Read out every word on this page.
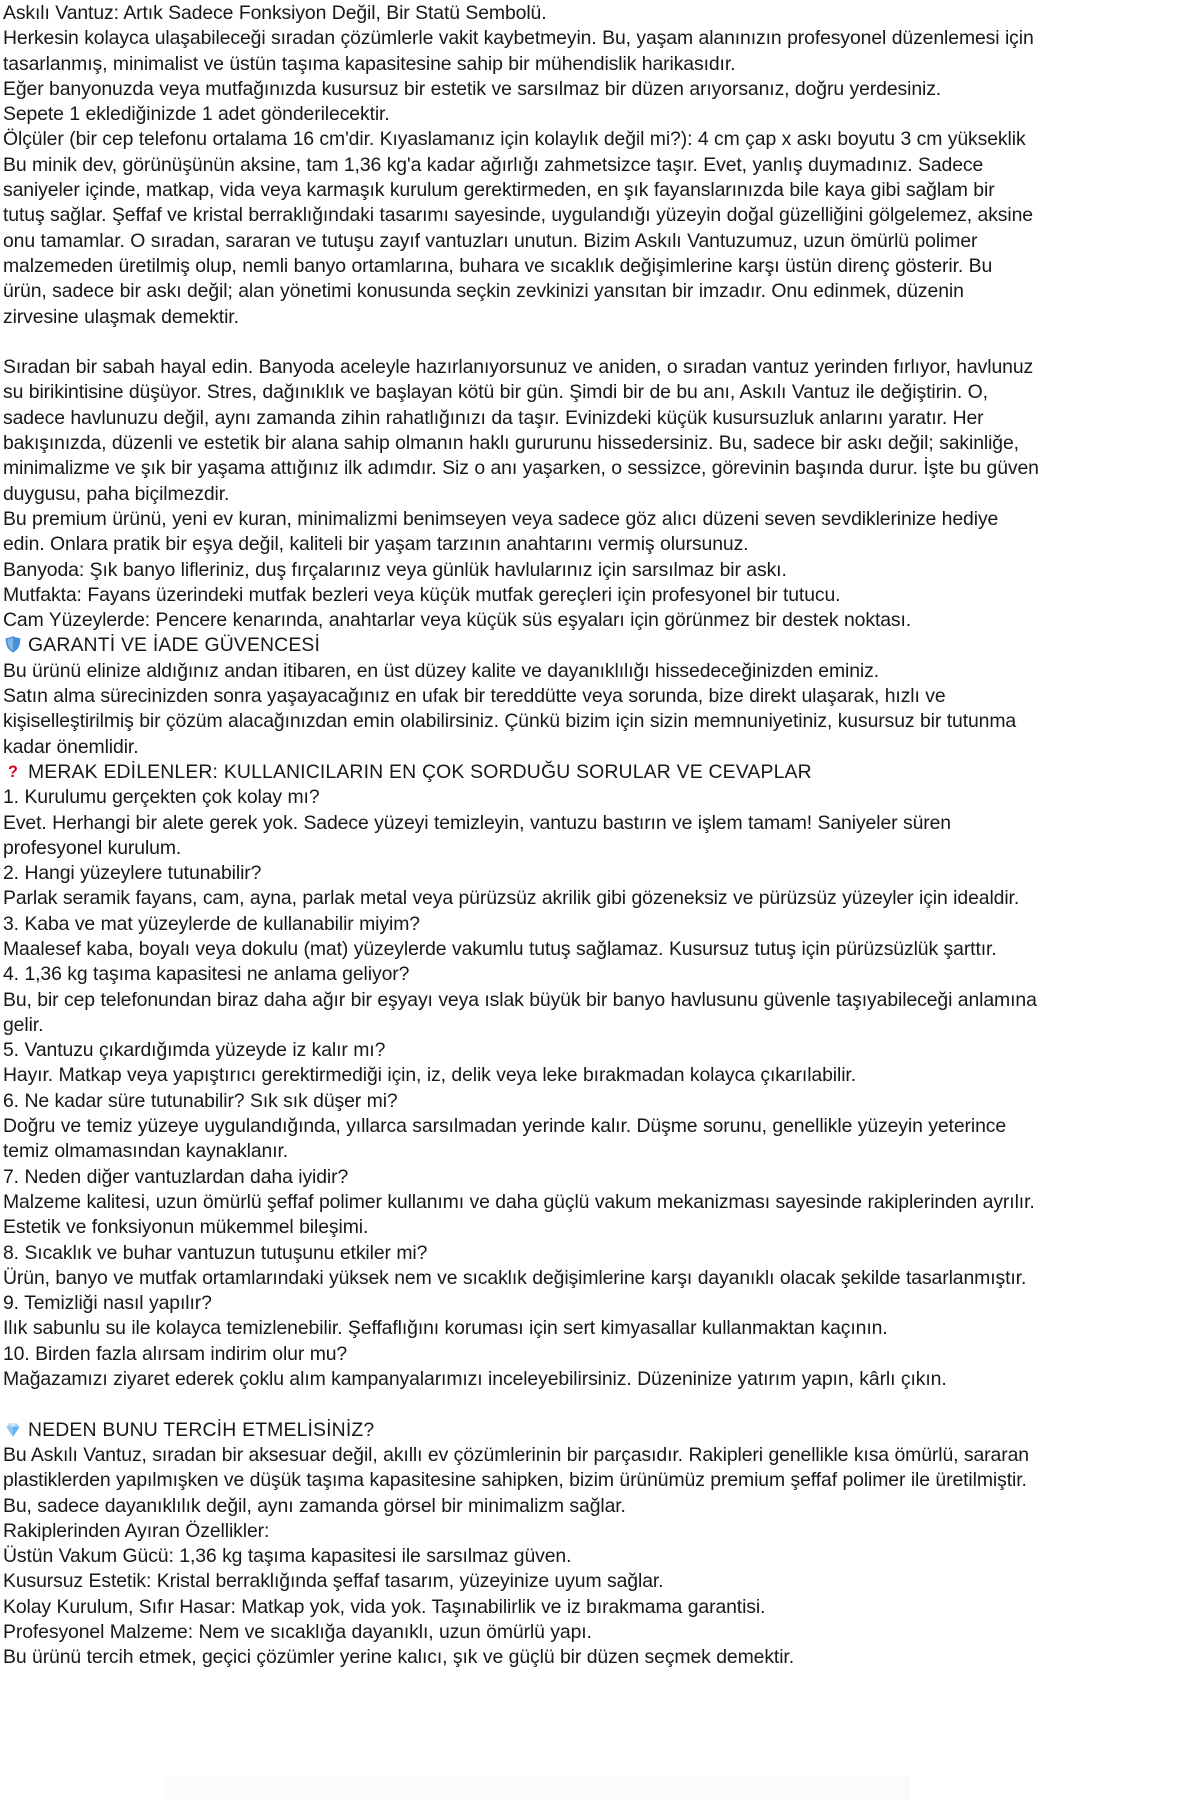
Askılı Vantuz: Artık Sadece Fonksiyon Değil, Bir Statü Sembolü.
Herkesin kolayca ulaşabileceği sıradan çözümlerle vakit kaybetmeyin. Bu, yaşam alanınızın profesyonel düzenlemesi için tasarlanmış, minimalist ve üstün taşıma kapasitesine sahip bir mühendislik harikasıdır.
Eğer banyonuzda veya mutfağınızda kusursuz bir estetik ve sarsılmaz bir düzen arıyorsanız, doğru yerdesiniz.
Sepete 1 eklediğinizde 1 adet gönderilecektir.
Ölçüler (bir cep telefonu ortalama 16 cm'dir. Kıyaslamanız için kolaylık değil mi?): 4 cm çap x askı boyutu 3 cm yükseklik
Bu minik dev, görünüşünün aksine, tam 1,36 kg'a kadar ağırlığı zahmetsizce taşır. Evet, yanlış duymadınız. Sadece saniyeler içinde, matkap, vida veya karmaşık kurulum gerektirmeden, en şık fayanslarınızda bile kaya gibi sağlam bir tutuş sağlar. Şeffaf ve kristal berraklığındaki tasarımı sayesinde, uygulandığı yüzeyin doğal güzelliğini gölgelemez, aksine onu tamamlar. O sıradan, sararan ve tutuşu zayıf vantuzları unutun. Bizim Askılı Vantuzumuz, uzun ömürlü polimer malzemeden üretilmiş olup, nemli banyo ortamlarına, buhara ve sıcaklık değişimlerine karşı üstün direnç gösterir. Bu ürün, sadece bir askı değil; alan yönetimi konusunda seçkin zevkinizi yansıtan bir imzadır. Onu edinmek, düzenin zirvesine ulaşmak demektir.
Sıradan bir sabah hayal edin. Banyoda aceleyle hazırlanıyorsunuz ve aniden, o sıradan vantuz yerinden fırlıyor, havlunuz su birikintisine düşüyor. Stres, dağınıklık ve başlayan kötü bir gün. Şimdi bir de bu anı, Askılı Vantuz ile değiştirin. O, sadece havlunuzu değil, aynı zamanda zihin rahatlığınızı da taşır. Evinizdeki küçük kusursuzluk anlarını yaratır. Her bakışınızda, düzenli ve estetik bir alana sahip olmanın haklı gururunu hissedersiniz. Bu, sadece bir askı değil; sakinliğe, minimalizme ve şık bir yaşama attığınız ilk adımdır. Siz o anı yaşarken, o sessizce, görevinin başında durur. İşte bu güven duygusu, paha biçilmezdir.
Bu premium ürünü, yeni ev kuran, minimalizmi benimseyen veya sadece göz alıcı düzeni seven sevdiklerinize hediye edin. Onlara pratik bir eşya değil, kaliteli bir yaşam tarzının anahtarını vermiş olursunuz.
Banyoda: Şık banyo lifleriniz, duş fırçalarınız veya günlük havlularınız için sarsılmaz bir askı.
Mutfakta: Fayans üzerindeki mutfak bezleri veya küçük mutfak gereçleri için profesyonel bir tutucu.
Cam Yüzeylerde: Pencere kenarında, anahtarlar veya küçük süs eşyaları için görünmez bir destek noktası.
GARANTİ VE İADE GÜVENCESİ
Bu ürünü elinize aldığınız andan itibaren, en üst düzey kalite ve dayanıklılığı hissedeceğinizden eminiz.
Satın alma sürecinizden sonra yaşayacağınız en ufak bir tereddütte veya sorunda, bize direkt ulaşarak, hızlı ve kişiselleştirilmiş bir çözüm alacağınızdan emin olabilirsiniz. Çünkü bizim için sizin memnuniyetiniz, kusursuz bir tutunma kadar önemlidir.
? MERAK EDİLENLER: KULLANICILARIN EN ÇOK SORDUĞU SORULAR VE CEVAPLAR
1. Kurulumu gerçekten çok kolay mı?
Evet. Herhangi bir alete gerek yok. Sadece yüzeyi temizleyin, vantuzu bastırın ve işlem tamam! Saniyeler süren profesyonel kurulum.
2. Hangi yüzeylere tutunabilir?
Parlak seramik fayans, cam, ayna, parlak metal veya pürüzsüz akrilik gibi gözeneksiz ve pürüzsüz yüzeyler için idealdir.
3. Kaba ve mat yüzeylerde de kullanabilir miyim?
Maalesef kaba, boyalı veya dokulu (mat) yüzeylerde vakumlu tutuş sağlamaz. Kusursuz tutuş için pürüzsüzlük şarttır.
4. 1,36 kg taşıma kapasitesi ne anlama geliyor?
Bu, bir cep telefonundan biraz daha ağır bir eşyayı veya ıslak büyük bir banyo havlusunu güvenle taşıyabileceği anlamına gelir.
5. Vantuzu çıkardığımda yüzeyde iz kalır mı?
Hayır. Matkap veya yapıştırıcı gerektirmediği için, iz, delik veya leke bırakmadan kolayca çıkarılabilir.
6. Ne kadar süre tutunabilir? Sık sık düşer mi?
Doğru ve temiz yüzeye uygulandığında, yıllarca sarsılmadan yerinde kalır. Düşme sorunu, genellikle yüzeyin yeterince temiz olmamasından kaynaklanır.
7. Neden diğer vantuzlardan daha iyidir?
Malzeme kalitesi, uzun ömürlü şeffaf polimer kullanımı ve daha güçlü vakum mekanizması sayesinde rakiplerinden ayrılır. Estetik ve fonksiyonun mükemmel bileşimi.
8. Sıcaklık ve buhar vantuzun tutuşunu etkiler mi?
Ürün, banyo ve mutfak ortamlarındaki yüksek nem ve sıcaklık değişimlerine karşı dayanıklı olacak şekilde tasarlanmıştır.
9. Temizliği nasıl yapılır?
Ilık sabunlu su ile kolayca temizlenebilir. Şeffaflığını koruması için sert kimyasallar kullanmaktan kaçının.
10. Birden fazla alırsam indirim olur mu?
Mağazamızı ziyaret ederek çoklu alım kampanyalarımızı inceleyebilirsiniz. Düzeninize yatırım yapın, kârlı çıkın.
NEDEN BUNU TERCİH ETMELİSİNİZ?
Bu Askılı Vantuz, sıradan bir aksesuar değil, akıllı ev çözümlerinin bir parçasıdır. Rakipleri genellikle kısa ömürlü, sararan plastiklerden yapılmışken ve düşük taşıma kapasitesine sahipken, bizim ürünümüz premium şeffaf polimer ile üretilmiştir. Bu, sadece dayanıklılık değil, aynı zamanda görsel bir minimalizm sağlar.
Rakiplerinden Ayıran Özellikler:
Üstün Vakum Gücü: 1,36 kg taşıma kapasitesi ile sarsılmaz güven.
Kusursuz Estetik: Kristal berraklığında şeffaf tasarım, yüzeyinize uyum sağlar.
Kolay Kurulum, Sıfır Hasar: Matkap yok, vida yok. Taşınabilirlik ve iz bırakmama garantisi.
Profesyonel Malzeme: Nem ve sıcaklığa dayanıklı, uzun ömürlü yapı.
Bu ürünü tercih etmek, geçici çözümler yerine kalıcı, şık ve güçlü bir düzen seçmek demektir.
